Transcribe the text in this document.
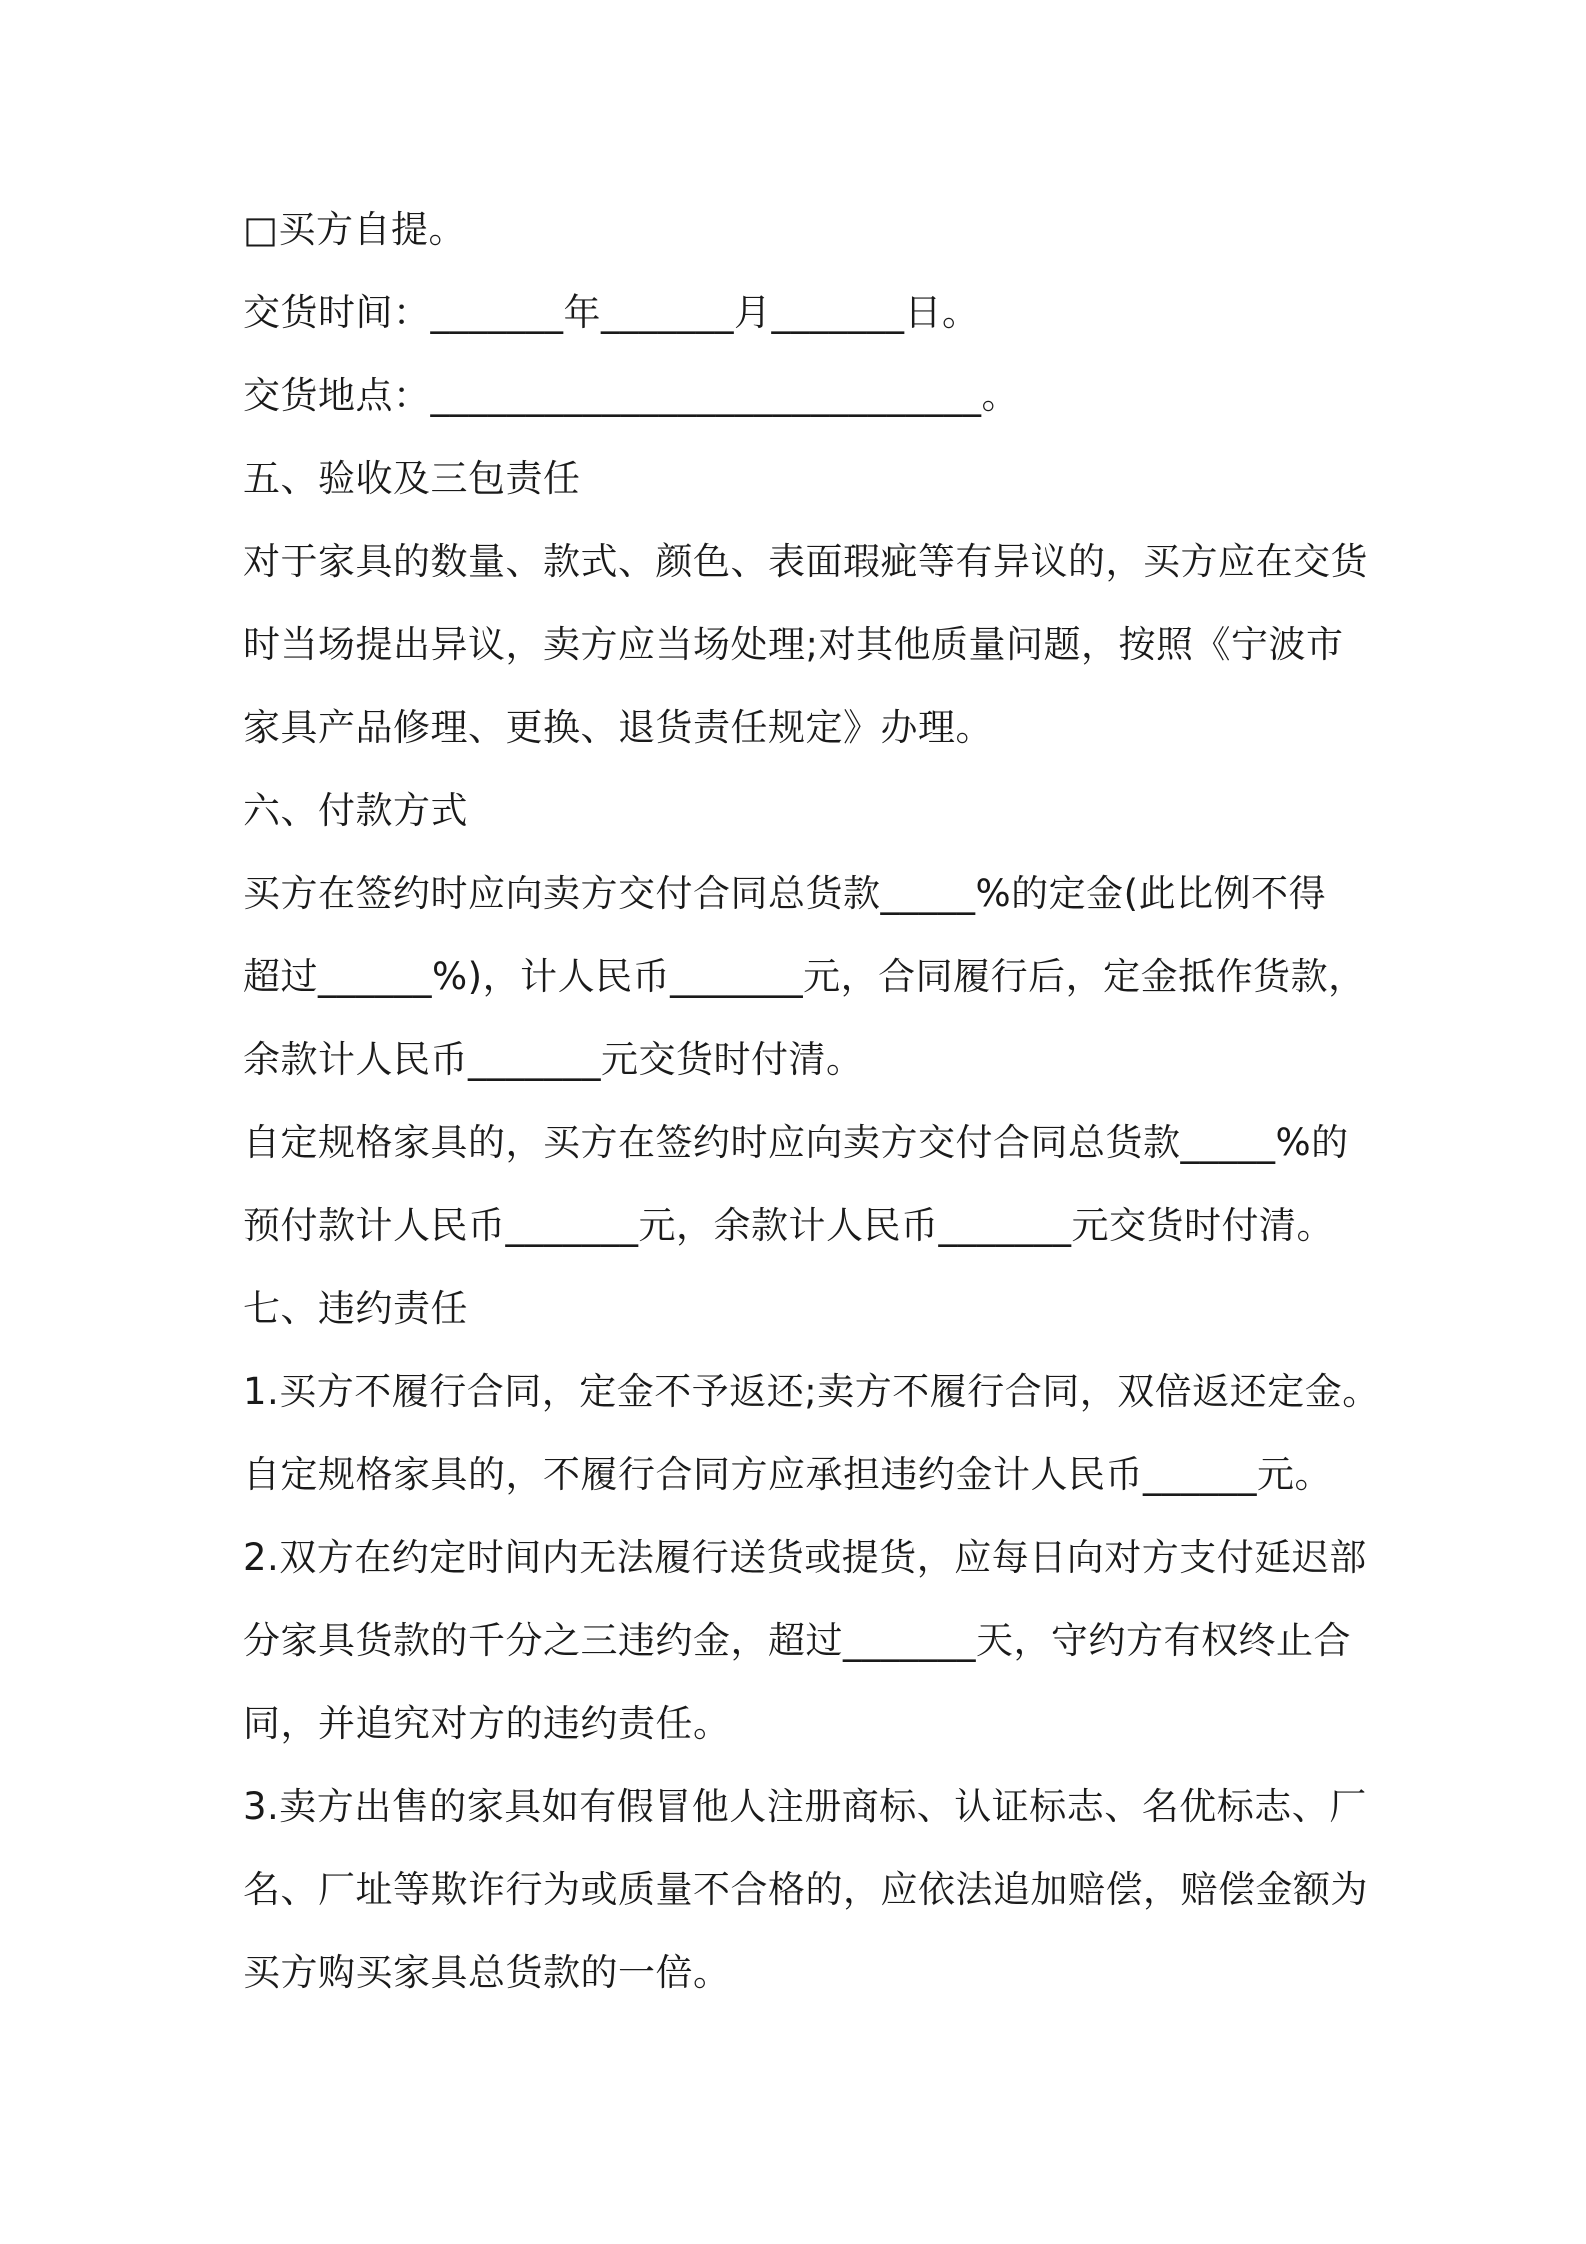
□买方自提。

交货时间：_______年_______月_______日。

交货地点：_____________________________。

五、验收及三包责任

对于家具的数量、款式、颜色、表面瑕疵等有异议的，买方应在交货

时当场提出异议，卖方应当场处理;对其他质量问题，按照《宁波市

家具产品修理、更换、退货责任规定》办理。

六、付款方式

买方在签约时应向卖方交付合同总货款_____%的定金(此比例不得

超过______%)，计人民币_______元，合同履行后，定金抵作货款，

余款计人民币_______元交货时付清。

自定规格家具的，买方在签约时应向卖方交付合同总货款_____%的

预付款计人民币_______元，余款计人民币_______元交货时付清。

七、违约责任

1.买方不履行合同，定金不予返还;卖方不履行合同，双倍返还定金。

自定规格家具的，不履行合同方应承担违约金计人民币______元。

2.双方在约定时间内无法履行送货或提货，应每日向对方支付延迟部

分家具货款的千分之三违约金，超过_______天，守约方有权终止合

同，并追究对方的违约责任。

3.卖方出售的家具如有假冒他人注册商标、认证标志、名优标志、厂

名、厂址等欺诈行为或质量不合格的，应依法追加赔偿，赔偿金额为

买方购买家具总货款的一倍。
